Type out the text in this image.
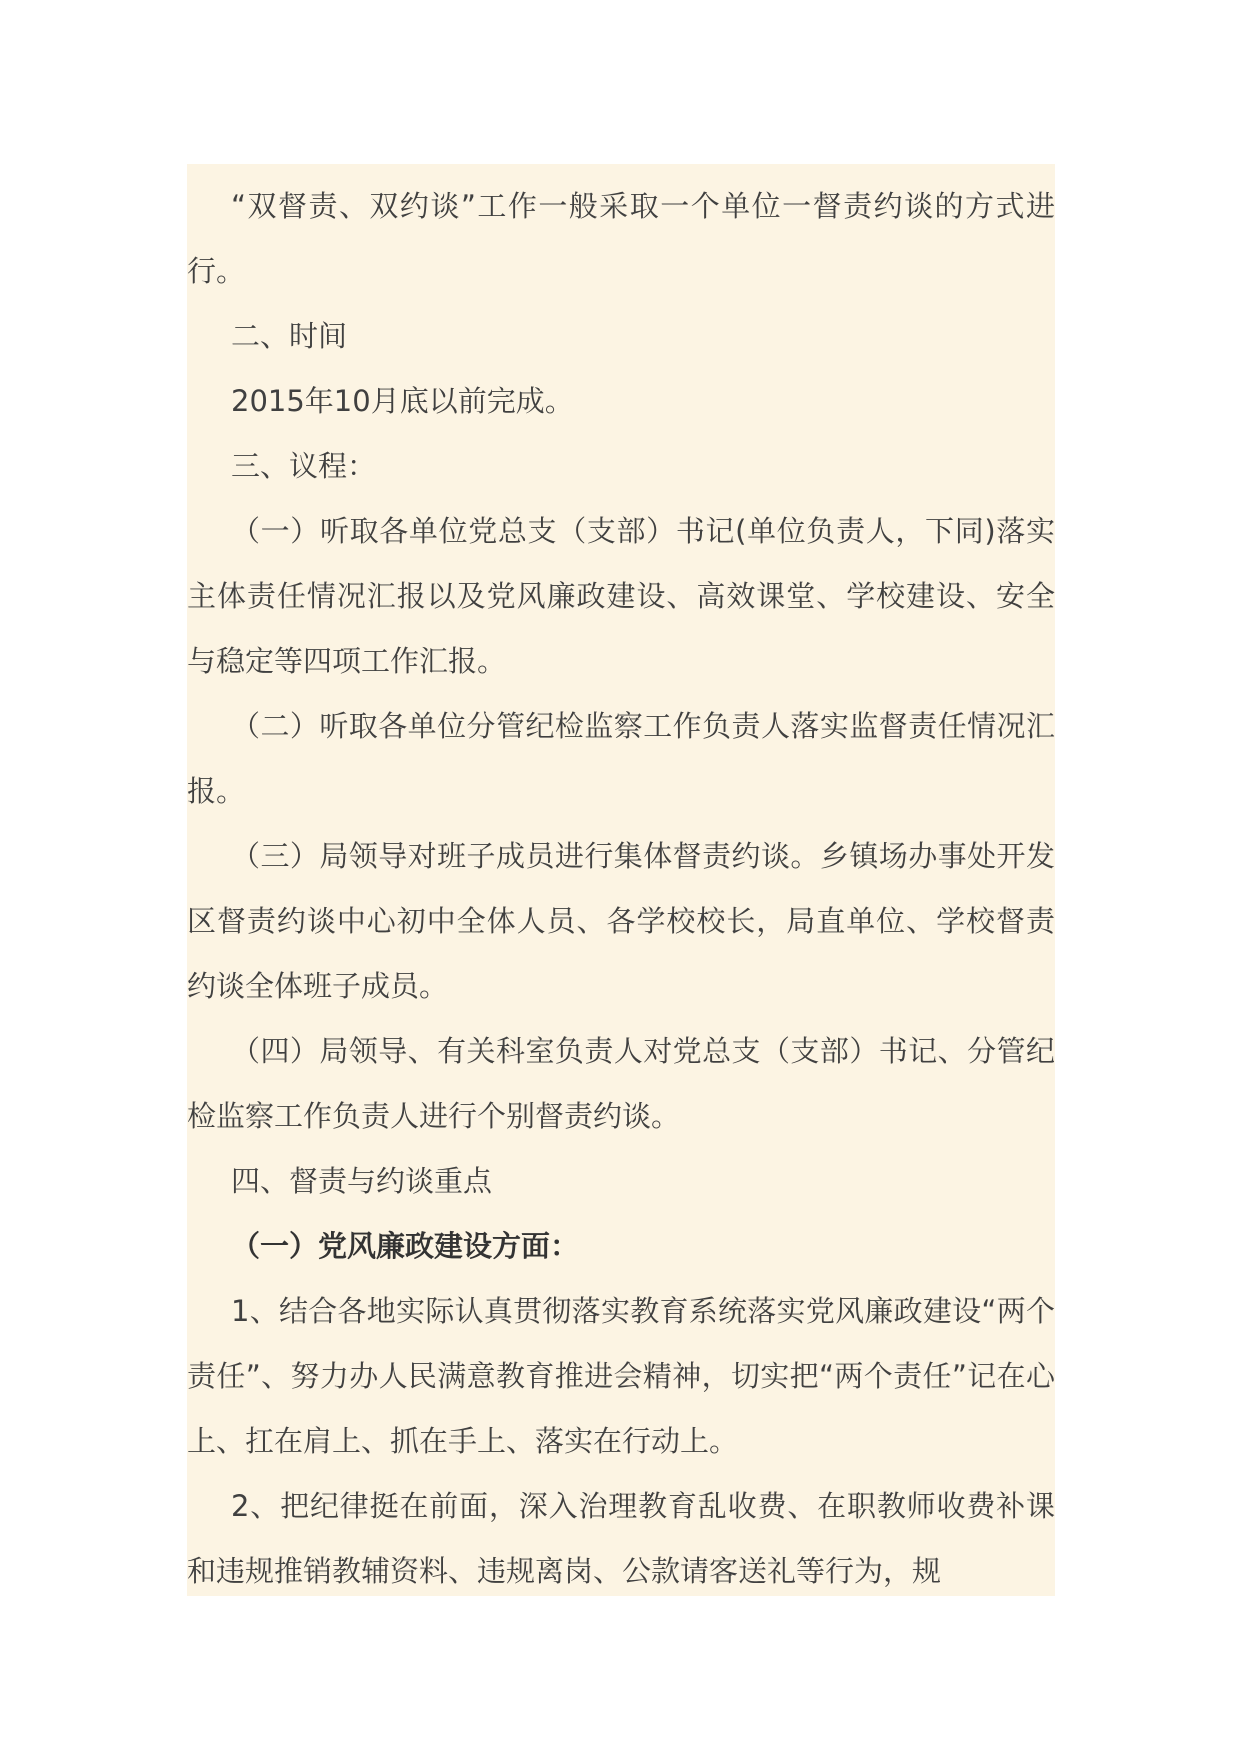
“双督责、双约谈”工作一般采取一个单位一督责约谈的方式进行。

二、时间

2015年10月底以前完成。

三、议程：

（一）听取各单位党总支（支部）书记(单位负责人，下同)落实主体责任情况汇报以及党风廉政建设、高效课堂、学校建设、安全与稳定等四项工作汇报。

（二）听取各单位分管纪检监察工作负责人落实监督责任情况汇报。

（三）局领导对班子成员进行集体督责约谈。乡镇场办事处开发区督责约谈中心初中全体人员、各学校校长，局直单位、学校督责约谈全体班子成员。

（四）局领导、有关科室负责人对党总支（支部）书记、分管纪检监察工作负责人进行个别督责约谈。

四、督责与约谈重点

（一）党风廉政建设方面：

1、结合各地实际认真贯彻落实教育系统落实党风廉政建设“两个责任”、努力办人民满意教育推进会精神，切实把“两个责任”记在心上、扛在肩上、抓在手上、落实在行动上。

2、把纪律挺在前面，深入治理教育乱收费、在职教师收费补课和违规推销教辅资料、违规离岗、公款请客送礼等行为，规
